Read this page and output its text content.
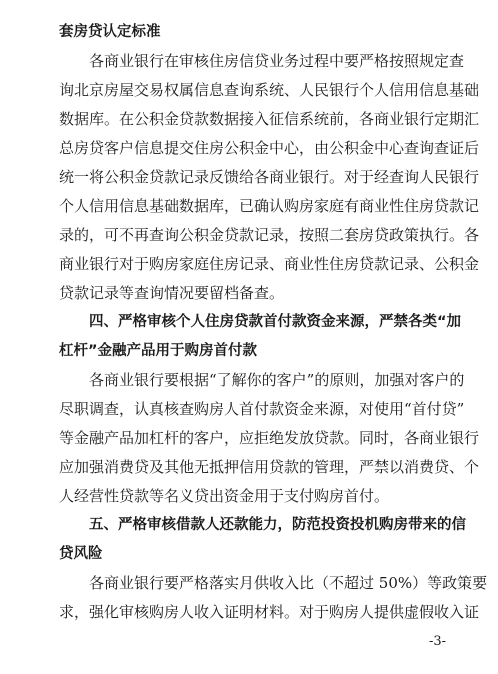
套房贷认定标准
各商业银行在审核住房信贷业务过程中要严格按照规定查
询北京房屋交易权属信息查询系统、人民银行个人信用信息基础
数据库。在公积金贷款数据接入征信系统前，各商业银行定期汇
总房贷客户信息提交住房公积金中心，由公积金中心查询查证后
统一将公积金贷款记录反馈给各商业银行。对于经查询人民银行
个人信用信息基础数据库，已确认购房家庭有商业性住房贷款记
录的，可不再查询公积金贷款记录，按照二套房贷政策执行。各
商业银行对于购房家庭住房记录、商业性住房贷款记录、公积金
贷款记录等查询情况要留档备查。
四、严格审核个人住房贷款首付款资金来源，严禁各类“加
杠杆”金融产品用于购房首付款
各商业银行要根据“了解你的客户”的原则，加强对客户的
尽职调查，认真核查购房人首付款资金来源，对使用“首付贷”
等金融产品加杠杆的客户，应拒绝发放贷款。同时，各商业银行
应加强消费贷及其他无抵押信用贷款的管理，严禁以消费贷、个
人经营性贷款等名义贷出资金用于支付购房首付。
五、严格审核借款人还款能力，防范投资投机购房带来的信
贷风险
各商业银行要严格落实月供收入比（不超过 50%）等政策要
求，强化审核购房人收入证明材料。对于购房人提供虚假收入证
-3-
